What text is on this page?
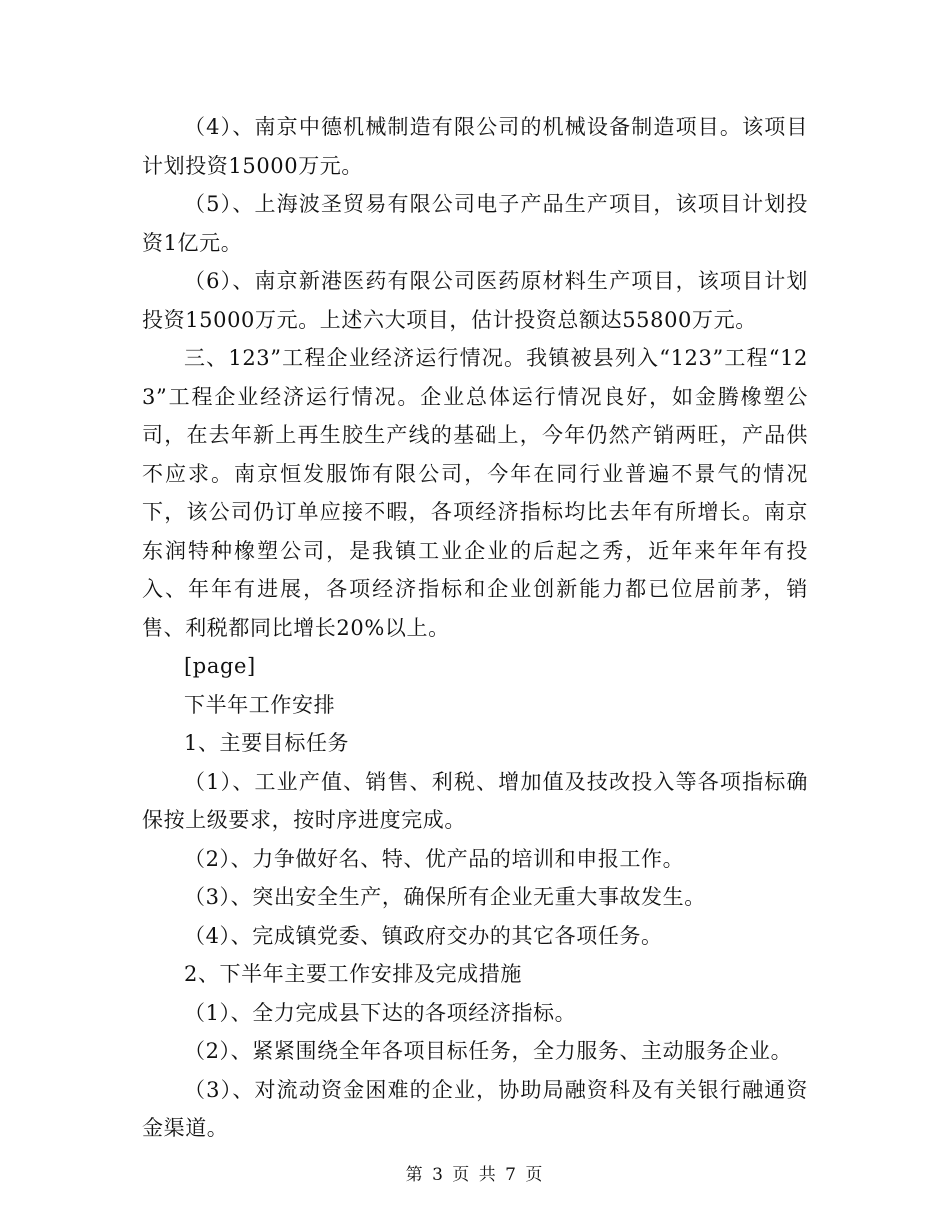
（4）、南京中德机械制造有限公司的机械设备制造项目。该项目计划投资15000万元。

（5）、上海波圣贸易有限公司电子产品生产项目，该项目计划投资1亿元。

（6）、南京新港医药有限公司医药原材料生产项目，该项目计划投资15000万元。上述六大项目，估计投资总额达55800万元。

三、123”工程企业经济运行情况。我镇被县列入“123”工程“123”工程企业经济运行情况。企业总体运行情况良好，如金腾橡塑公司，在去年新上再生胶生产线的基础上，今年仍然产销两旺，产品供不应求。南京恒发服饰有限公司，今年在同行业普遍不景气的情况下，该公司仍订单应接不暇，各项经济指标均比去年有所增长。南京东润特种橡塑公司，是我镇工业企业的后起之秀，近年来年年有投入、年年有进展，各项经济指标和企业创新能力都已位居前茅，销售、利税都同比增长20%以上。

[page]

下半年工作安排

1、主要目标任务

（1）、工业产值、销售、利税、增加值及技改投入等各项指标确保按上级要求，按时序进度完成。

（2）、力争做好名、特、优产品的培训和申报工作。

（3）、突出安全生产，确保所有企业无重大事故发生。

（4）、完成镇党委、镇政府交办的其它各项任务。

2、下半年主要工作安排及完成措施

（1）、全力完成县下达的各项经济指标。

（2）、紧紧围绕全年各项目标任务，全力服务、主动服务企业。

（3）、对流动资金困难的企业，协助局融资科及有关银行融通资金渠道。

第 3 页 共 7 页
